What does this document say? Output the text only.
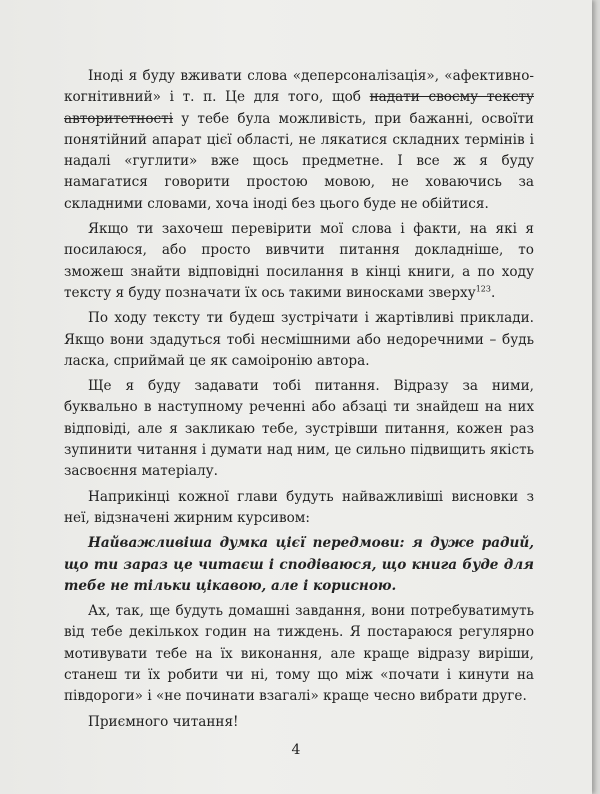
Іноді я буду вживати слова «деперсоналізація», «афективно-когнітивний» і т. п. Це для того, щоб надати своєму тексту авторитетності у тебе була можливість, при бажанні, освоїти понятійний апарат цієї області, не лякатися складних термінів і надалі «гуглити» вже щось предметне. І все ж я буду намагатися говорити простою мовою, не ховаючись за складними словами, хоча іноді без цього буде не обійтися.

Якщо ти захочеш перевірити мої слова і факти, на які я посилаюся, або просто вивчити питання докладніше, то зможеш знайти відповідні посилання в кінці книги, а по ходу тексту я буду позначати їх ось такими виносками зверху$^{123}$.

По ходу тексту ти будеш зустрічати і жартівливі приклади. Якщо вони здадуться тобі несмішними або недоречними – будь ласка, сприймай це як самоіронію автора.

Ще я буду задавати тобі питання. Відразу за ними, буквально в наступному реченні або абзаці ти знайдеш на них відповіді, але я закликаю тебе, зустрівши питання, кожен раз зупинити читання і думати над ним, це сильно підвищить якість засвоєння матеріалу.

Наприкінці кожної глави будуть найважливіші висновки з неї, відзначені жирним курсивом:

Найважливіша думка цієї передмови: я дуже радий, що ти зараз це читаєш і сподіваюся, що книга буде для тебе не тільки цікавою, але і корисною.

Ах, так, ще будуть домашні завдання, вони потребуватимуть від тебе декількох годин на тиждень. Я постараюся регулярно мотивувати тебе на їх виконання, але краще відразу виріши, станеш ти їх робити чи ні, тому що між «почати і кинути на півдороги» і «не починати взагалі» краще чесно вибрати друге.

Приємного читання!

4
